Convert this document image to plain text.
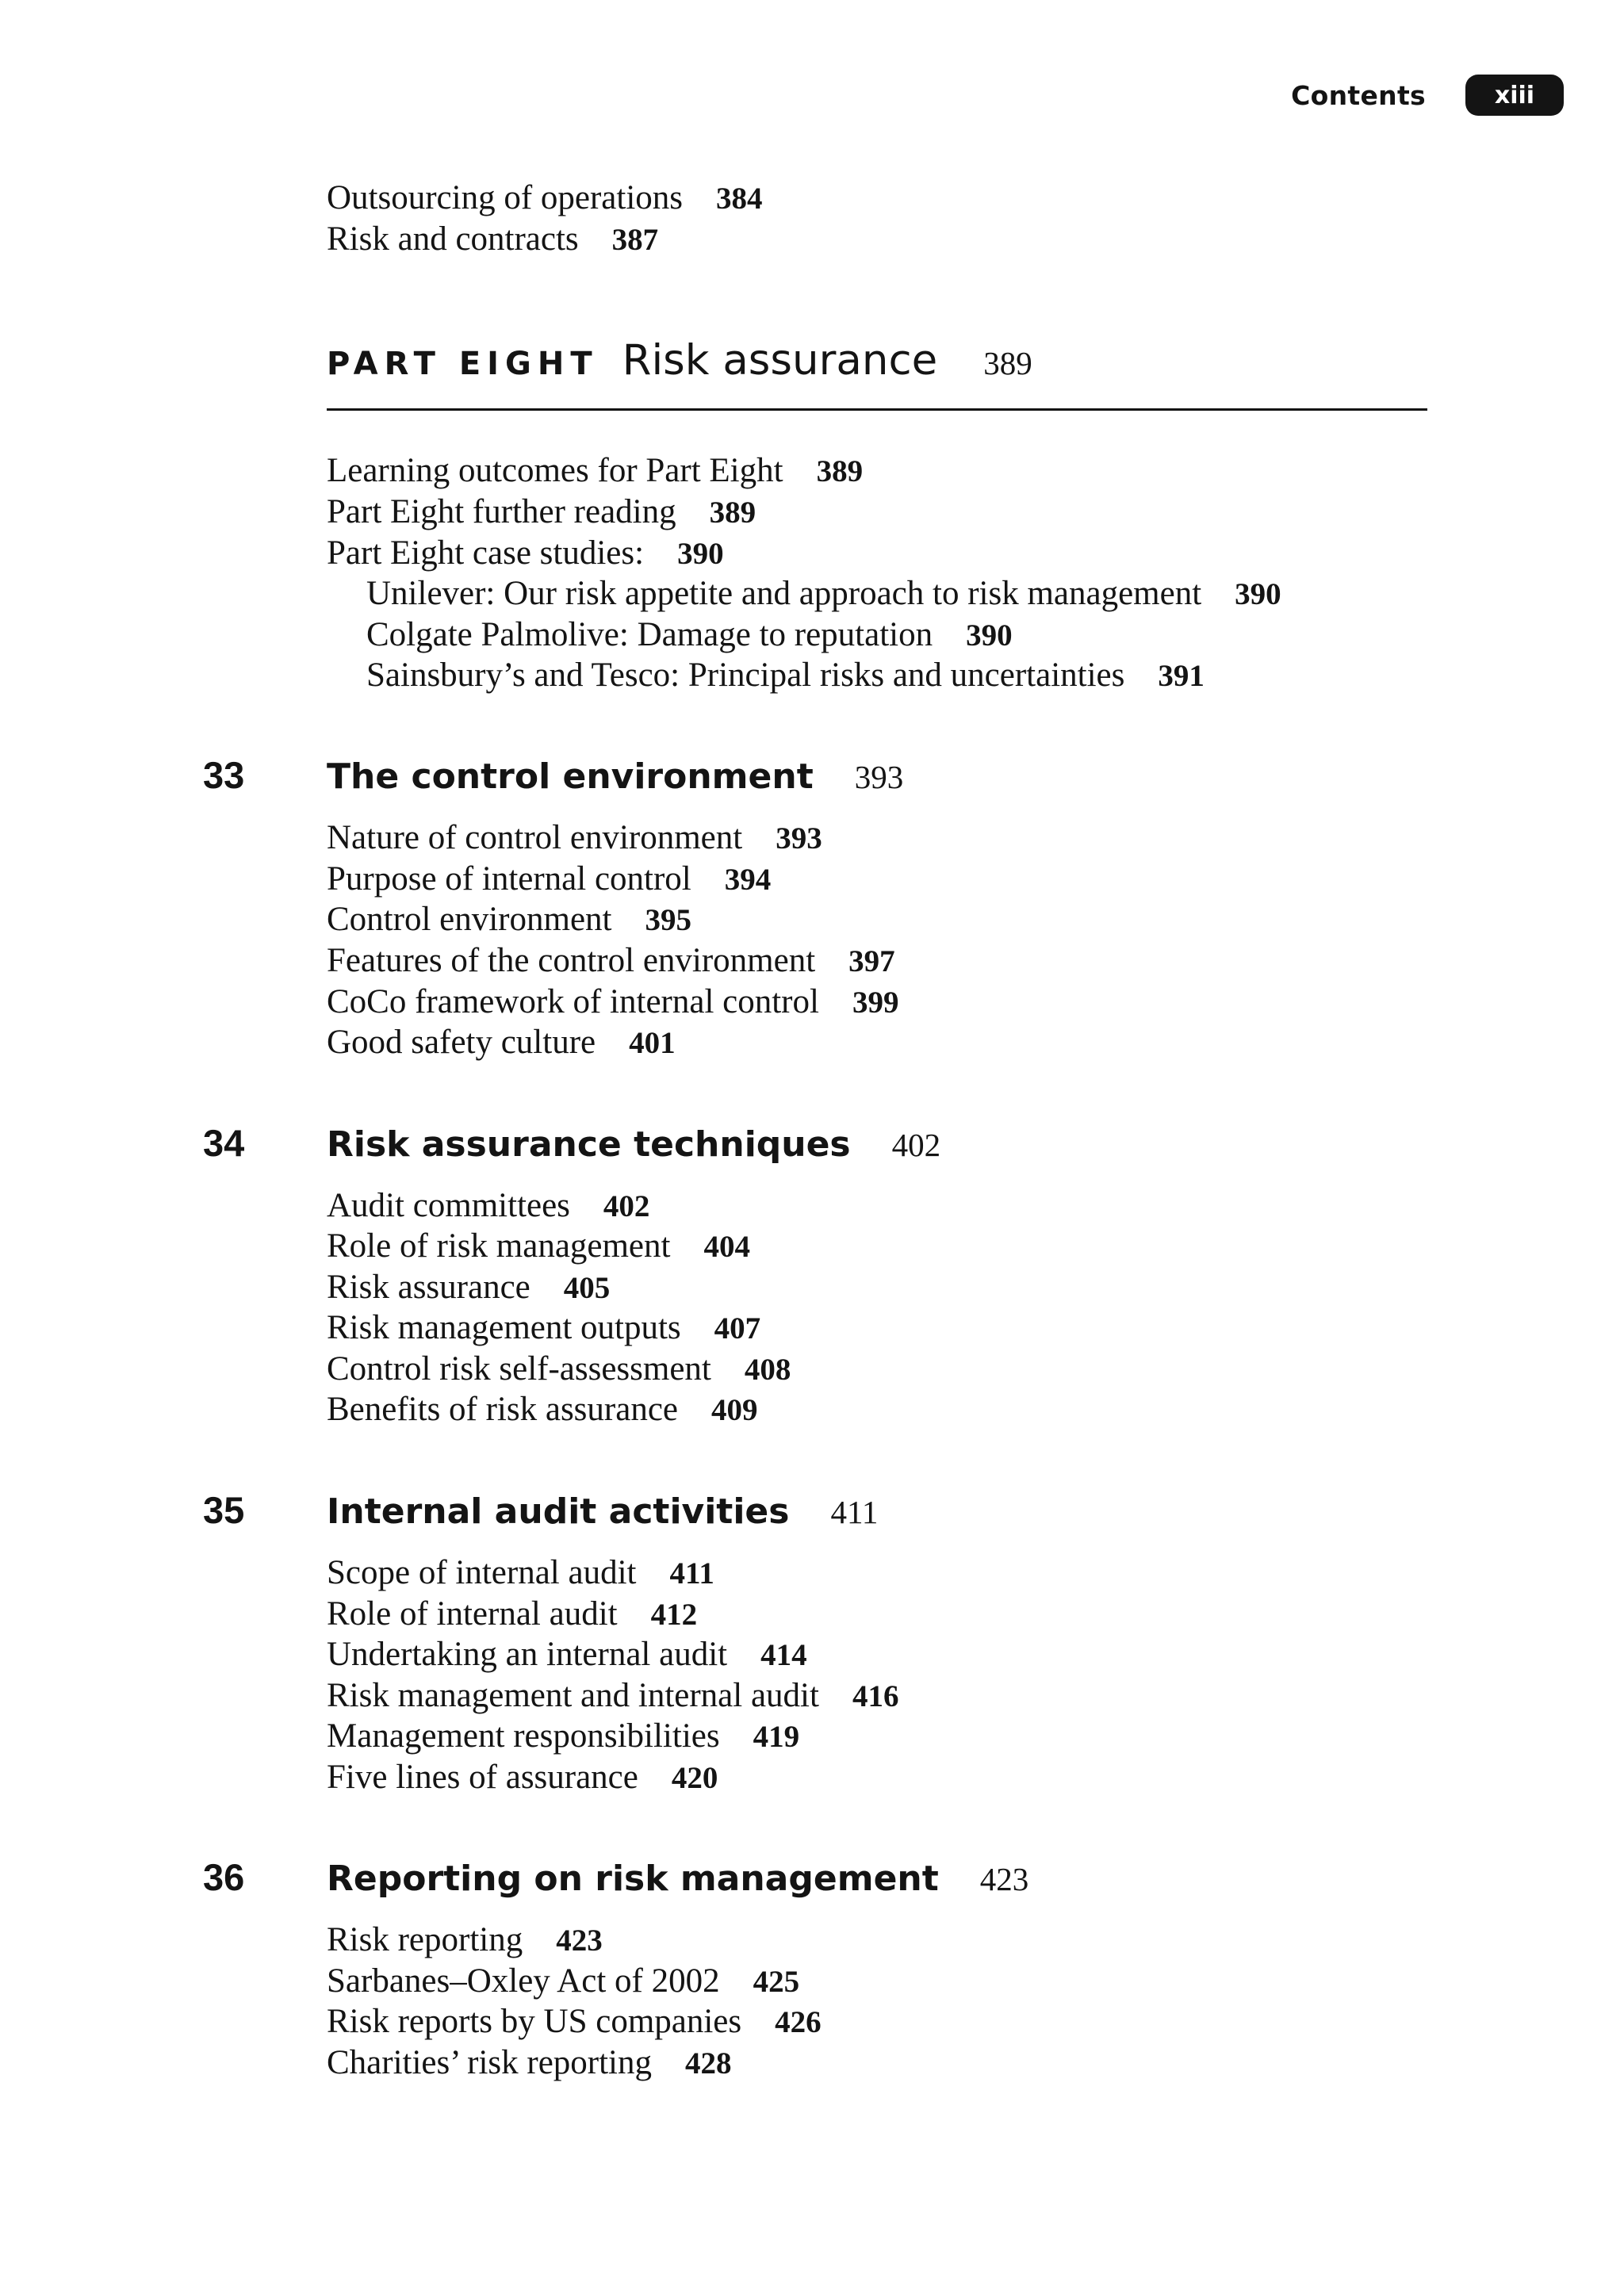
Contents	xiii
Outsourcing of operations 384
Risk and contracts 387
PART EIGHT Risk assurance 389
Learning outcomes for Part Eight 389
Part Eight further reading 389
Part Eight case studies: 390
Unilever: Our risk appetite and approach to risk management 390
Colgate Palmolive: Damage to reputation 390
Sainsbury’s and Tesco: Principal risks and uncertainties 391
33	The control environment 393
Nature of control environment 393
Purpose of internal control 394
Control environment 395
Features of the control environment 397
CoCo framework of internal control 399
Good safety culture 401
34	Risk assurance techniques 402
Audit committees 402
Role of risk management 404
Risk assurance 405
Risk management outputs 407
Control risk self-assessment 408
Benefits of risk assurance 409
35	Internal audit activities 411
Scope of internal audit 411
Role of internal audit 412
Undertaking an internal audit 414
Risk management and internal audit 416
Management responsibilities 419
Five lines of assurance 420
36	Reporting on risk management 423
Risk reporting 423
Sarbanes–Oxley Act of 2002 425
Risk reports by US companies 426
Charities’ risk reporting 428
